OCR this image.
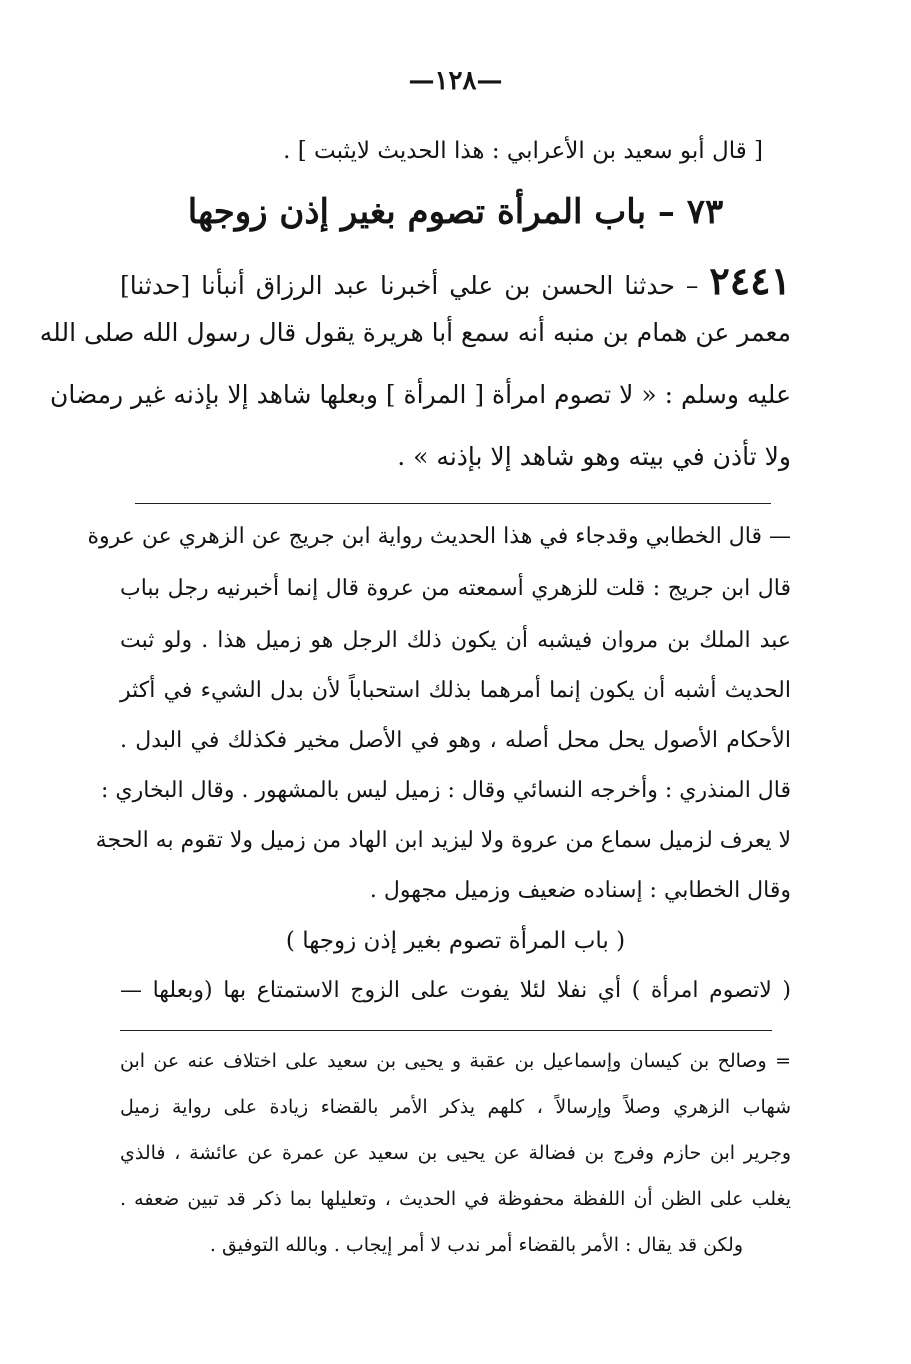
—١٢٨—
[ قال أبو سعيد بن الأعرابي : هذا الحديث لايثبت ] .
٧٣ – باب المرأة تصوم بغير إذن زوجها
٢٤٤١ – حدثنا الحسن بن علي أخبرنا عبد الرزاق أنبأنا [حدثنا]
معمر عن همام بن منبه أنه سمع أبا هريرة يقول قال رسول الله صلى الله
عليه وسلم : « لا تصوم امرأة [ المرأة ] وبعلها شاهد إلا بإذنه غير رمضان
ولا تأذن في بيته وهو شاهد إلا بإذنه » .
— قال الخطابي وقدجاء في هذا الحديث رواية ابن جريج عن الزهري عن عروة
قال ابن جريج : قلت للزهري أسمعته من عروة قال إنما أخبرنيه رجل بباب
عبد الملك بن مروان فيشبه أن يكون ذلك الرجل هو زميل هذا . ولو ثبت
الحديث أشبه أن يكون إنما أمرهما بذلك استحباباً لأن بدل الشيء في أكثر
الأحكام الأصول يحل محل أصله ، وهو في الأصل مخير فكذلك في البدل .
قال المنذري : وأخرجه النسائي وقال : زميل ليس بالمشهور . وقال البخاري :
لا يعرف لزميل سماع من عروة ولا ليزيد ابن الهاد من زميل ولا تقوم به الحجة
وقال الخطابي : إسناده ضعيف وزميل مجهول .
( باب المرأة تصوم بغير إذن زوجها )
( لاتصوم امرأة ) أي نفلا لئلا يفوت على الزوج الاستمتاع بها (وبعلها —
= وصالح بن كيسان وإسماعيل بن عقبة و يحيى بن سعيد على اختلاف عنه عن ابن
شهاب الزهري وصلاً وإرسالاً ، كلهم يذكر الأمر بالقضاء زيادة على رواية زميل
وجرير ابن حازم وفرج بن فضالة عن يحيى بن سعيد عن عمرة عن عائشة ، فالذي
يغلب على الظن أن اللفظة محفوظة في الحديث ، وتعليلها بما ذكر قد تبين ضعفه .
ولكن قد يقال : الأمر بالقضاء أمر ندب لا أمر إيجاب . وبالله التوفيق .
